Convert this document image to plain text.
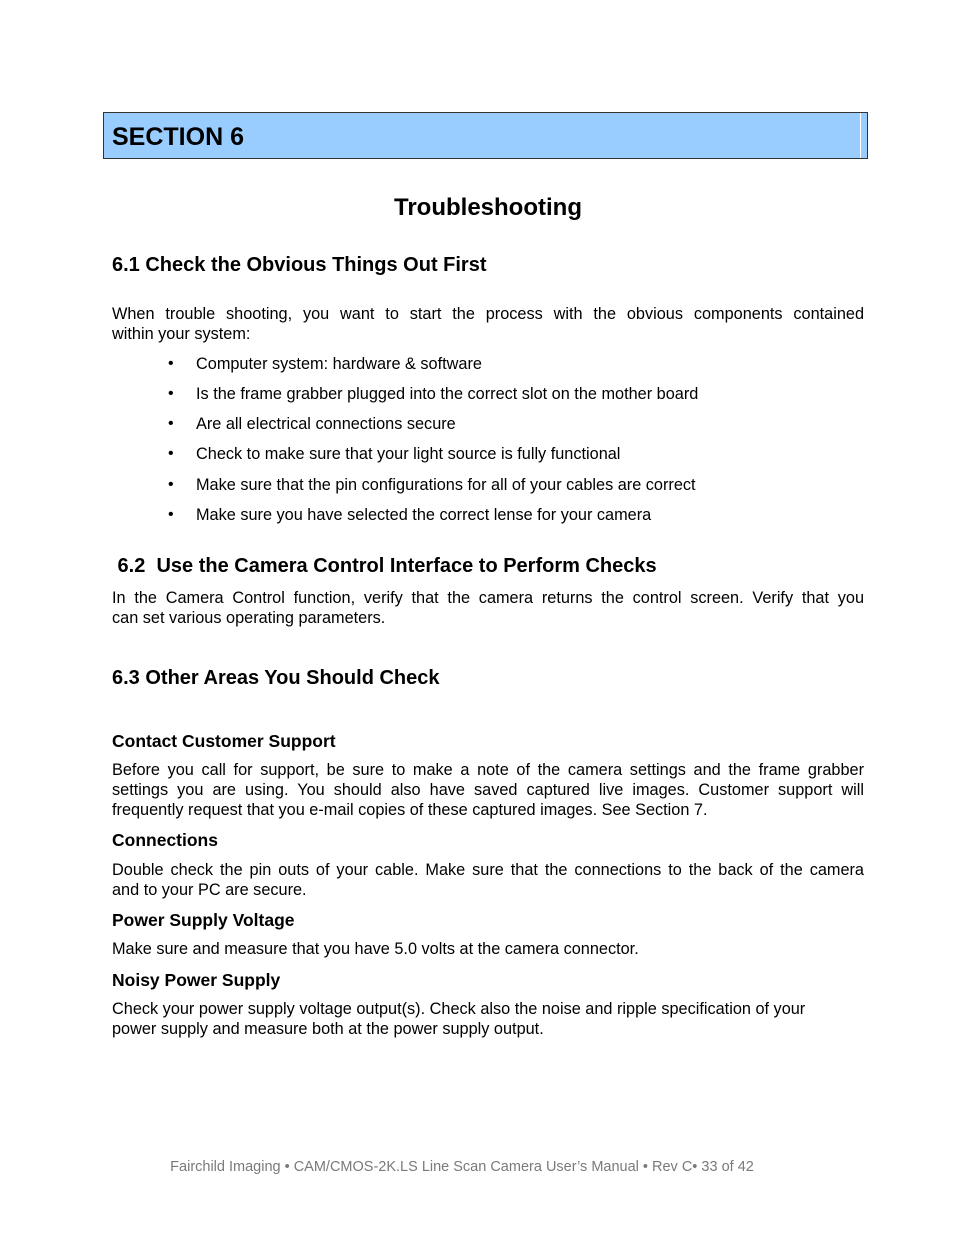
SECTION 6
Troubleshooting
6.1 Check the Obvious Things Out First
When trouble shooting, you want to start the process with the obvious components contained
within your system:
• Computer system: hardware & software
• Is the frame grabber plugged into the correct slot on the mother board
• Are all electrical connections secure
• Check to make sure that your light source is fully functional
• Make sure that the pin configurations for all of your cables are correct
• Make sure you have selected the correct lense for your camera
6.2  Use the Camera Control Interface to Perform Checks
In the Camera Control function, verify that the camera returns the control screen. Verify that you
can set various operating parameters.
6.3 Other Areas You Should Check
Contact Customer Support
Before you call for support, be sure to make a note of the camera settings and the frame grabber
settings you are using. You should also have saved captured live images. Customer support will
frequently request that you e-mail copies of these captured images. See Section 7.
Connections
Double check the pin outs of your cable. Make sure that the connections to the back of the camera
and to your PC are secure.
Power Supply Voltage
Make sure and measure that you have 5.0 volts at the camera connector.
Noisy Power Supply
Check your power supply voltage output(s). Check also the noise and ripple specification of your
power supply and measure both at the power supply output.
Fairchild Imaging • CAM/CMOS-2K.LS Line Scan Camera User’s Manual • Rev C• 33 of 42
